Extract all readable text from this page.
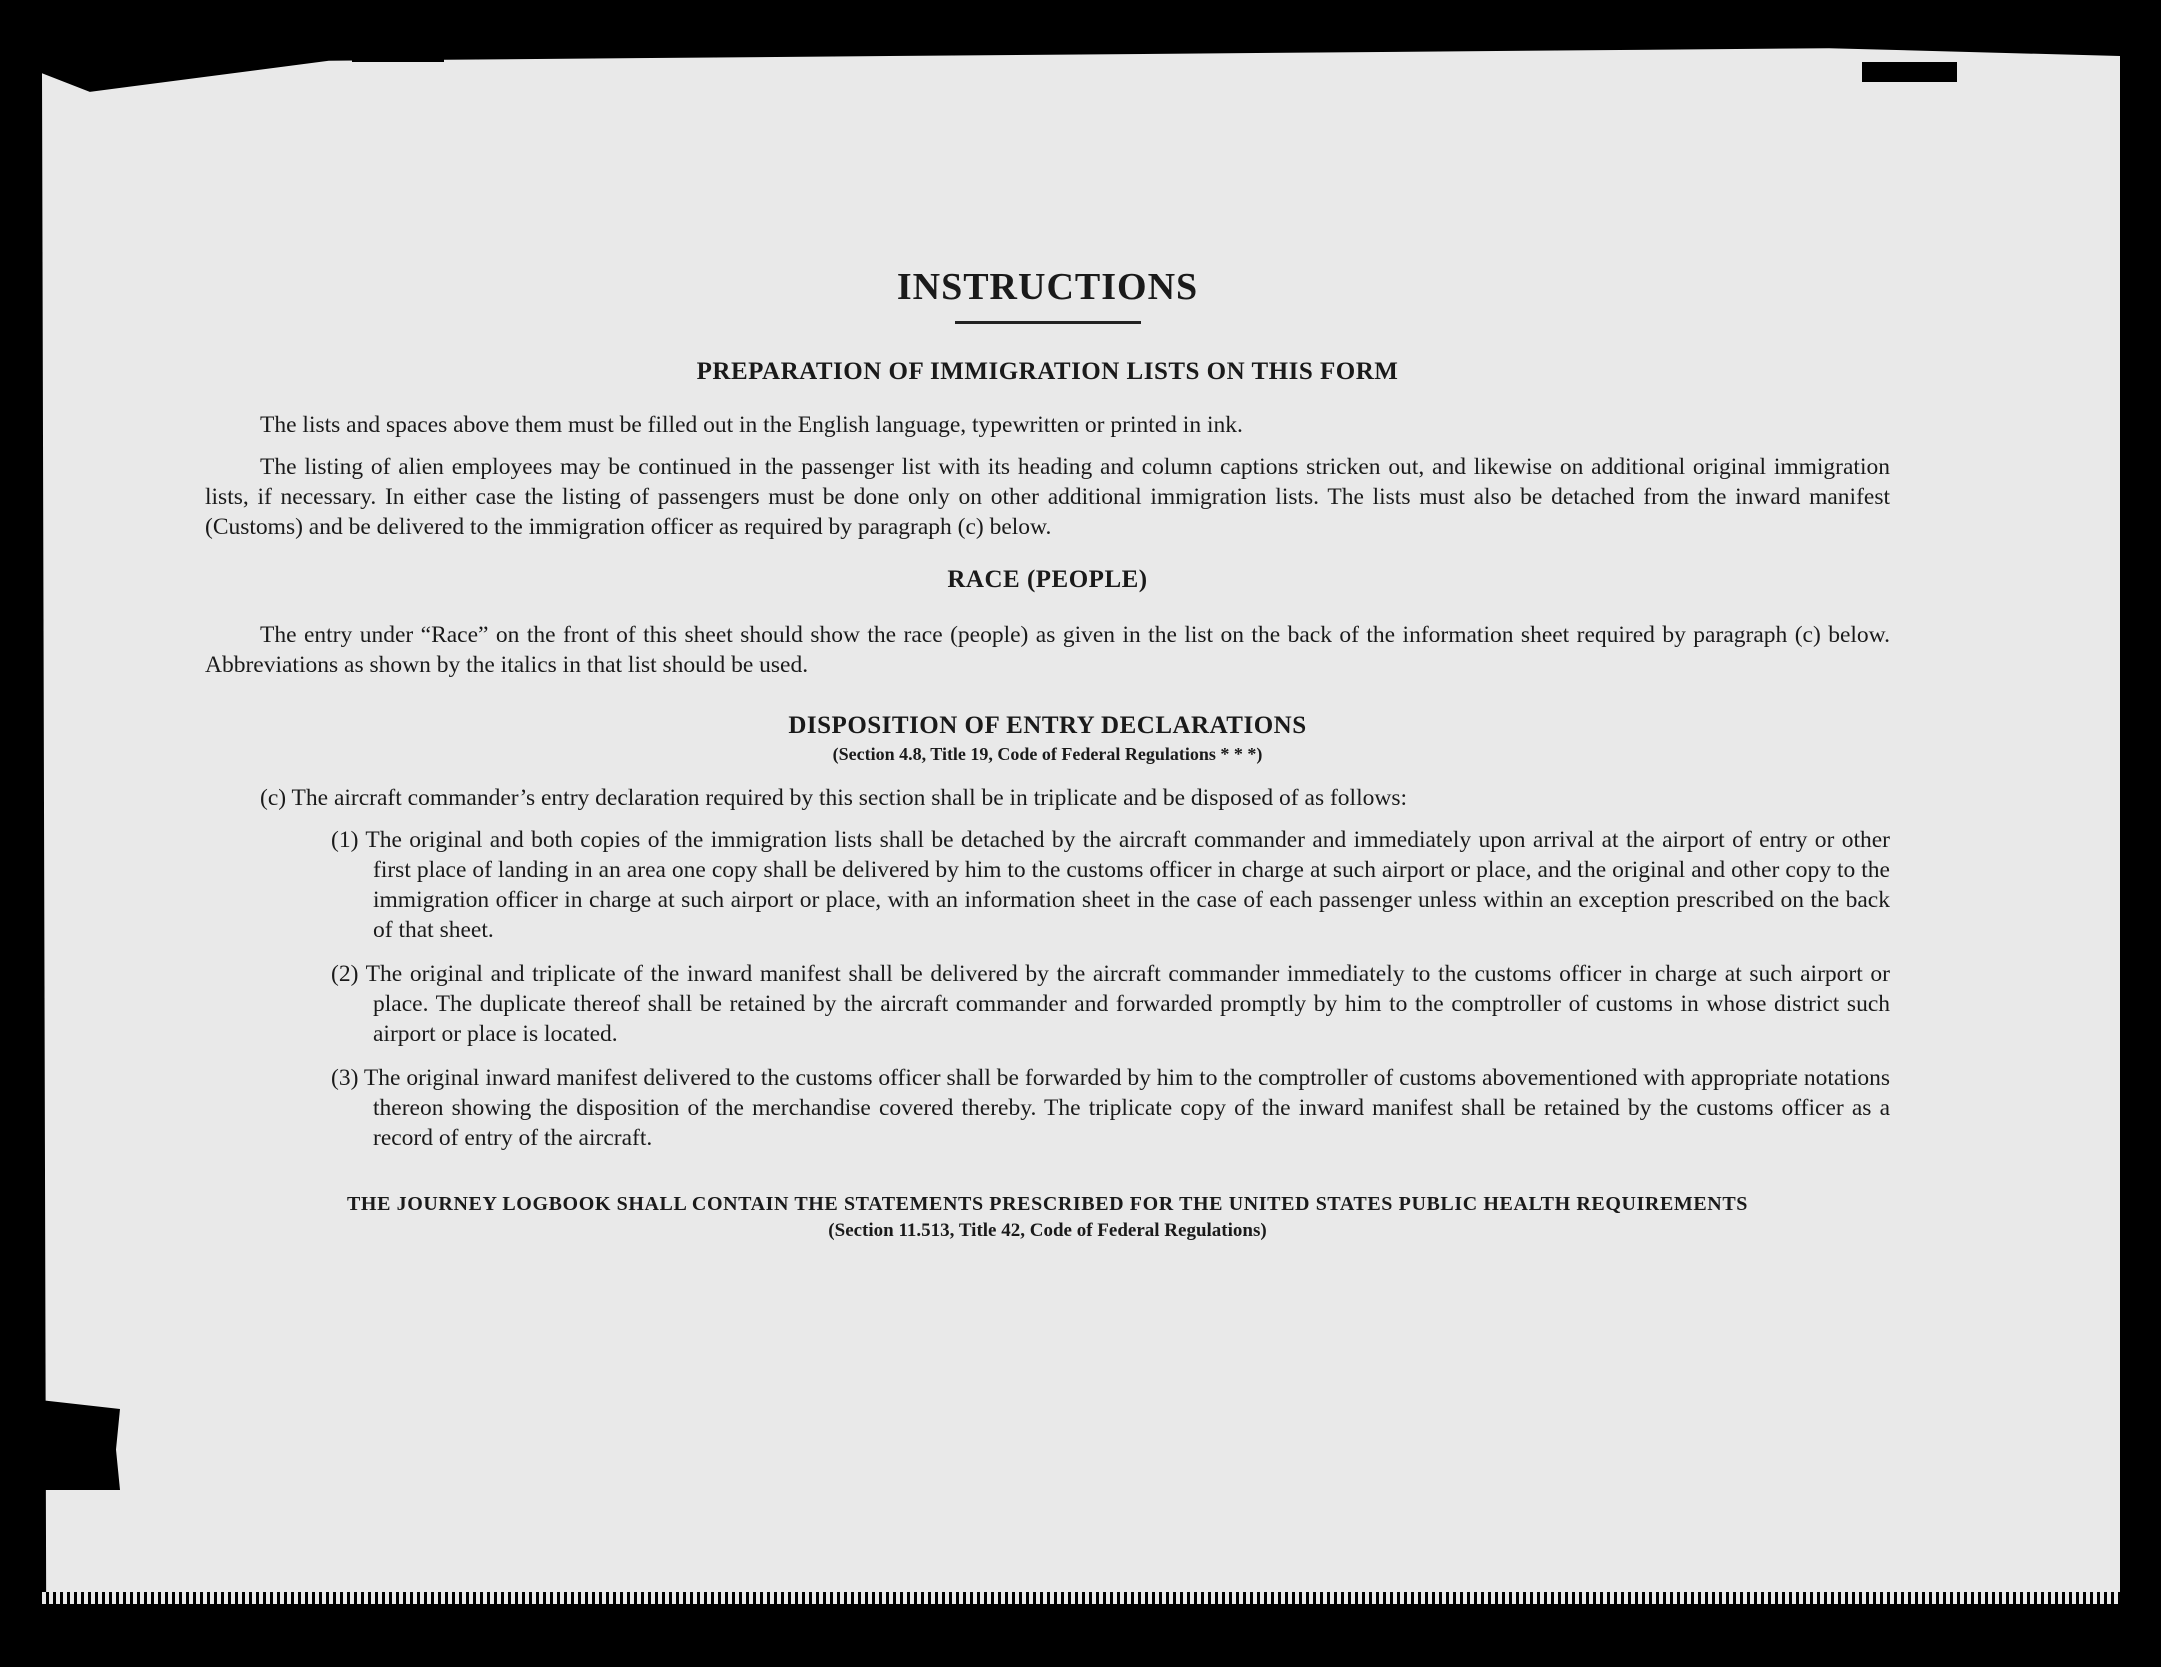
INSTRUCTIONS
PREPARATION OF IMMIGRATION LISTS ON THIS FORM

The lists and spaces above them must be filled out in the English language, typewritten or printed in ink.

The listing of alien employees may be continued in the passenger list with its heading and column captions stricken out, and likewise on additional original immigration lists, if necessary. In either case the listing of passengers must be done only on other additional immigration lists. The lists must also be detached from the inward manifest (Customs) and be delivered to the immigration officer as required by paragraph (c) below.

RACE (PEOPLE)

The entry under “Race” on the front of this sheet should show the race (people) as given in the list on the back of the information sheet required by paragraph (c) below. Abbreviations as shown by the italics in that list should be used.

DISPOSITION OF ENTRY DECLARATIONS

(Section 4.8, Title 19, Code of Federal Regulations * * *)

(c) The aircraft commander’s entry declaration required by this section shall be in triplicate and be disposed of as follows:

(1) The original and both copies of the immigration lists shall be detached by the aircraft commander and immediately upon arrival at the airport of entry or other first place of landing in an area one copy shall be delivered by him to the customs officer in charge at such airport or place, and the original and other copy to the immigration officer in charge at such airport or place, with an information sheet in the case of each passenger unless within an exception prescribed on the back of that sheet.

(2) The original and triplicate of the inward manifest shall be delivered by the aircraft commander immediately to the customs officer in charge at such airport or place. The duplicate thereof shall be retained by the aircraft commander and forwarded promptly by him to the comptroller of customs in whose district such airport or place is located.

(3) The original inward manifest delivered to the customs officer shall be forwarded by him to the comptroller of customs abovementioned with appropriate notations thereon showing the disposition of the merchandise covered thereby. The triplicate copy of the inward manifest shall be retained by the customs officer as a record of entry of the aircraft.

THE JOURNEY LOGBOOK SHALL CONTAIN THE STATEMENTS PRESCRIBED FOR THE UNITED STATES PUBLIC HEALTH REQUIREMENTS

(Section 11.513, Title 42, Code of Federal Regulations)
